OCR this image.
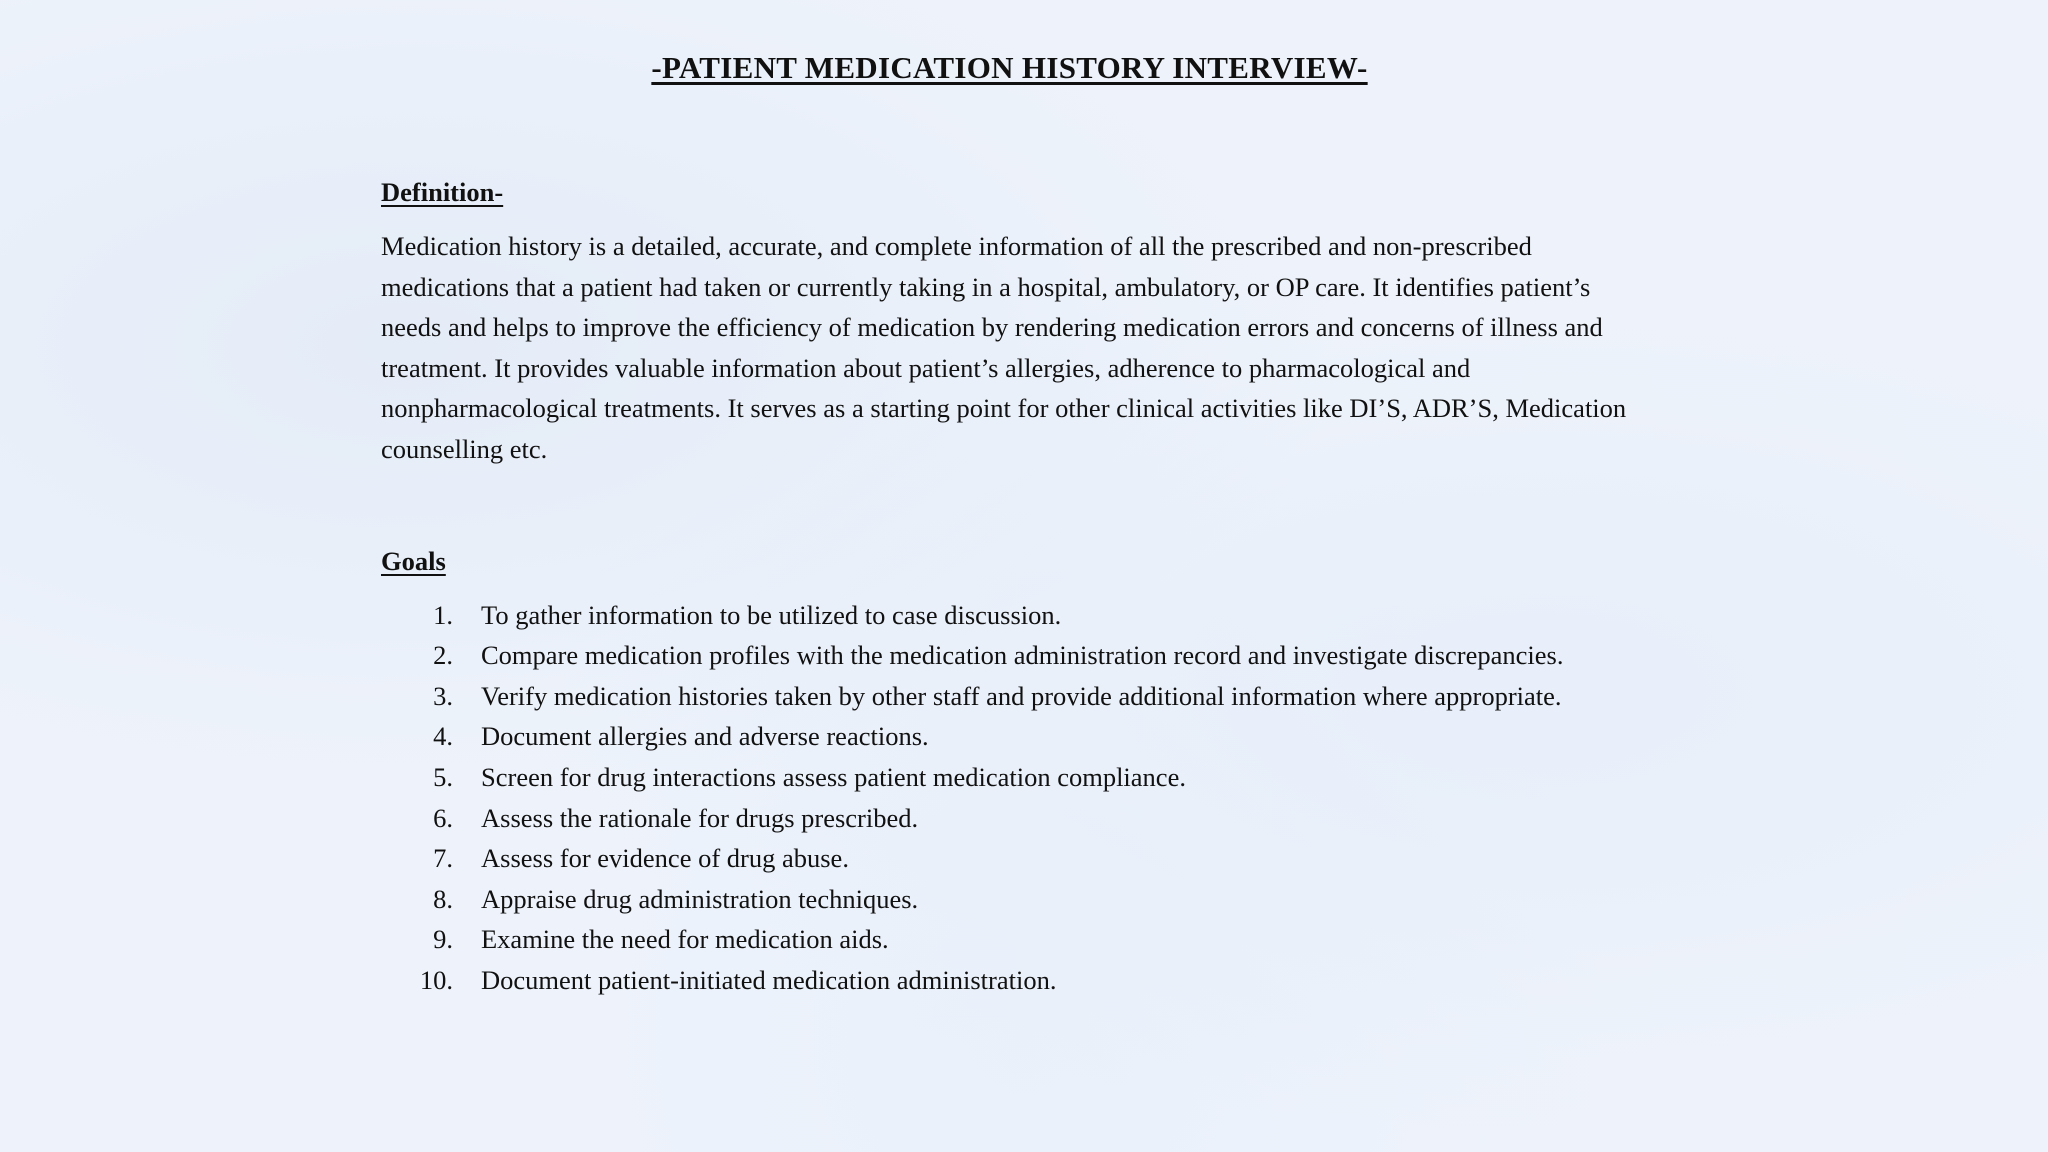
-PATIENT MEDICATION HISTORY INTERVIEW-
Definition-

Medication history is a detailed, accurate, and complete information of all the prescribed and non-prescribed medications that a patient had taken or currently taking in a hospital, ambulatory, or OP care. It identifies patient’s needs and helps to improve the efficiency of medication by rendering medication errors and concerns of illness and treatment. It provides valuable information about patient’s allergies, adherence to pharmacological and nonpharmacological treatments. It serves as a starting point for other clinical activities like DI’S, ADR’S, Medication counselling etc.

Goals
1.	To gather information to be utilized to case discussion.
2.	Compare medication profiles with the medication administration record and investigate discrepancies.
3.	Verify medication histories taken by other staff and provide additional information where appropriate.
4.	Document allergies and adverse reactions.
5.	Screen for drug interactions assess patient medication compliance.
6.	Assess the rationale for drugs prescribed.
7.	Assess for evidence of drug abuse.
8.	Appraise drug administration techniques.
9.	Examine the need for medication aids.
10.	Document patient-initiated medication administration.
